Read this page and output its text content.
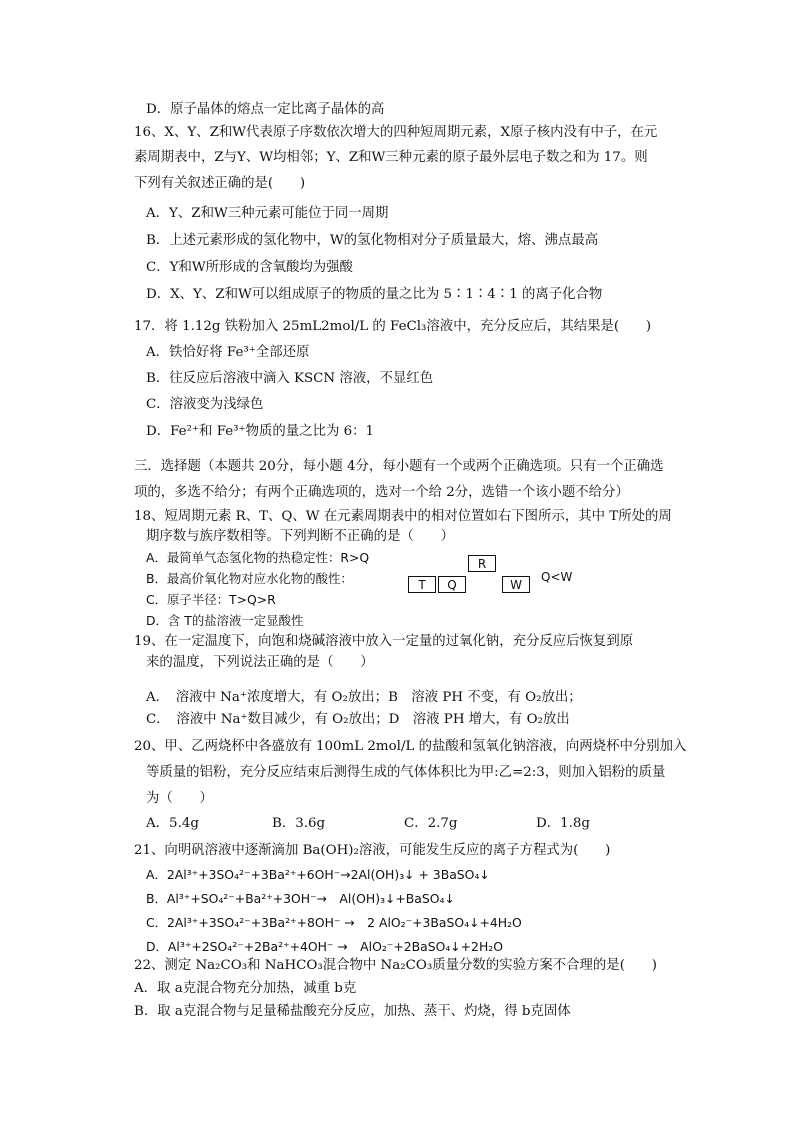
D．原子晶体的熔点一定比离子晶体的高
16、X、Y、Z和W代表原子序数依次增大的四种短周期元素，X原子核内没有中子，在元
素周期表中，Z与Y、W均相邻；Y、Z和W三种元素的原子最外层电子数之和为 17。则
下列有关叙述正确的是(　　)
A．Y、Z和W三种元素可能位于同一周期
B．上述元素形成的氢化物中，W的氢化物相对分子质量最大，熔、沸点最高
C．Y和W所形成的含氧酸均为强酸
D．X、Y、Z和W可以组成原子的物质的量之比为 5∶1∶4∶1 的离子化合物
17．将 1.12g 铁粉加入 25mL2mol/L 的 FeCl₃溶液中，充分反应后，其结果是(　　)
A．铁恰好将 Fe³⁺全部还原
B．往反应后溶液中滴入 KSCN 溶液，不显红色
C．溶液变为浅绿色
D．Fe²⁺和 Fe³⁺物质的量之比为 6：1
三．选择题（本题共 20分，每小题 4分，每小题有一个或两个正确选项。只有一个正确选
项的，多选不给分；有两个正确选项的，选对一个给 2分，选错一个该小题不给分）
18、短周期元素 R、T、Q、W 在元素周期表中的相对位置如右下图所示，其中 T所处的周
期序数与族序数相等。下列判断不正确的是（　　）
A．最简单气态氢化物的热稳定性：R>Q
B．最高价氧化物对应水化物的酸性：
C．原子半径：T>Q>R
D．含 T的盐溶液一定显酸性
R
T	Q	W
Q<W
19、在一定温度下，向饱和烧碱溶液中放入一定量的过氧化钠，充分反应后恢复到原
来的温度，下列说法正确的是（　　）
A．　溶液中 Na⁺浓度增大，有 O₂放出；B　溶液 PH 不变，有 O₂放出；
C．　溶液中 Na⁺数目减少，有 O₂放出；D　溶液 PH 增大，有 O₂放出
20、甲、乙两烧杯中各盛放有 100mL 2mol/L 的盐酸和氢氧化钠溶液，向两烧杯中分别加入
等质量的铝粉，充分反应结束后测得生成的气体体积比为甲:乙=2:3，则加入铝粉的质量
为（　　）
A．5.4g	B．3.6g	C．2.7g	D．1.8g
21、向明矾溶液中逐渐滴加 Ba(OH)₂溶液，可能发生反应的离子方程式为(　　)
A．2Al³⁺+3SO₄²⁻+3Ba²⁺+6OH⁻→2Al(OH)₃↓ + 3BaSO₄↓
B．Al³⁺+SO₄²⁻+Ba²⁺+3OH⁻→　Al(OH)₃↓+BaSO₄↓
C．2Al³⁺+3SO₄²⁻+3Ba²⁺+8OH⁻ →　2 AlO₂⁻+3BaSO₄↓+4H₂O
D．Al³⁺+2SO₄²⁻+2Ba²⁺+4OH⁻ →　AlO₂⁻+2BaSO₄↓+2H₂O
22、测定 Na₂CO₃和 NaHCO₃混合物中 Na₂CO₃质量分数的实验方案不合理的是(　　)
A．取 a克混合物充分加热，减重 b克
B．取 a克混合物与足量稀盐酸充分反应，加热、蒸干、灼烧，得 b克固体
